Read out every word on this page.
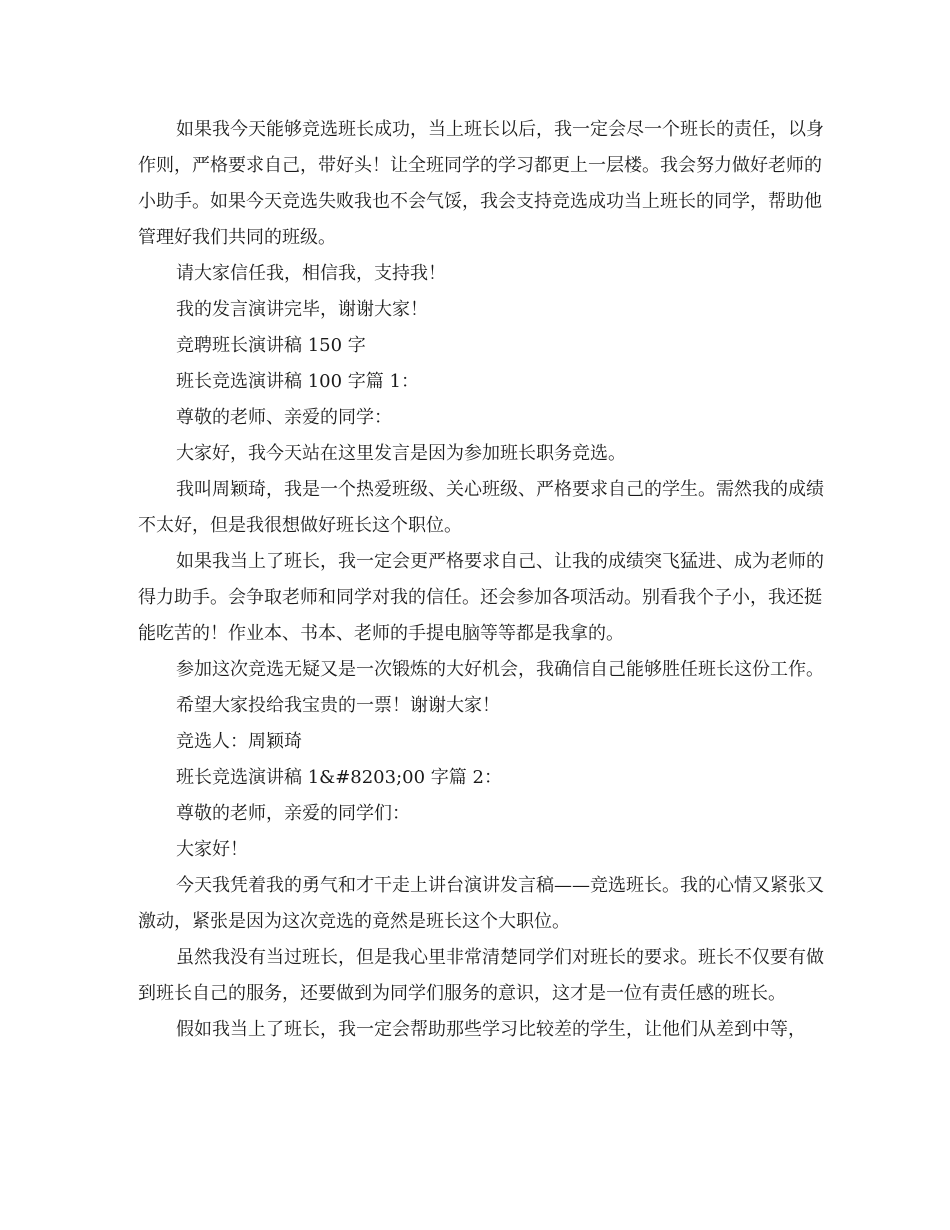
如果我今天能够竞选班长成功，当上班长以后，我一定会尽一个班长的责任，以身作则，严格要求自己，带好头！让全班同学的学习都更上一层楼。我会努力做好老师的小助手。如果今天竞选失败我也不会气馁，我会支持竞选成功当上班长的同学，帮助他管理好我们共同的班级。

请大家信任我，相信我，支持我！

我的发言演讲完毕，谢谢大家！

竞聘班长演讲稿 150 字

班长竞选演讲稿 100 字篇 1：

尊敬的老师、亲爱的同学：

大家好，我今天站在这里发言是因为参加班长职务竞选。

我叫周颖琦，我是一个热爱班级、关心班级、严格要求自己的学生。需然我的成绩不太好，但是我很想做好班长这个职位。

如果我当上了班长，我一定会更严格要求自己、让我的成绩突飞猛进、成为老师的得力助手。会争取老师和同学对我的信任。还会参加各项活动。别看我个子小，我还挺能吃苦的！作业本、书本、老师的手提电脑等等都是我拿的。

参加这次竞选无疑又是一次锻炼的大好机会，我确信自己能够胜任班长这份工作。

希望大家投给我宝贵的一票！谢谢大家！

竞选人：周颖琦

班长竞选演讲稿 1&#8203;00 字篇 2：

尊敬的老师，亲爱的同学们：

大家好！

今天我凭着我的勇气和才干走上讲台演讲发言稿——竞选班长。我的心情又紧张又激动，紧张是因为这次竞选的竟然是班长这个大职位。

虽然我没有当过班长，但是我心里非常清楚同学们对班长的要求。班长不仅要有做到班长自己的服务，还要做到为同学们服务的意识，这才是一位有责任感的班长。

假如我当上了班长，我一定会帮助那些学习比较差的学生，让他们从差到中等，
